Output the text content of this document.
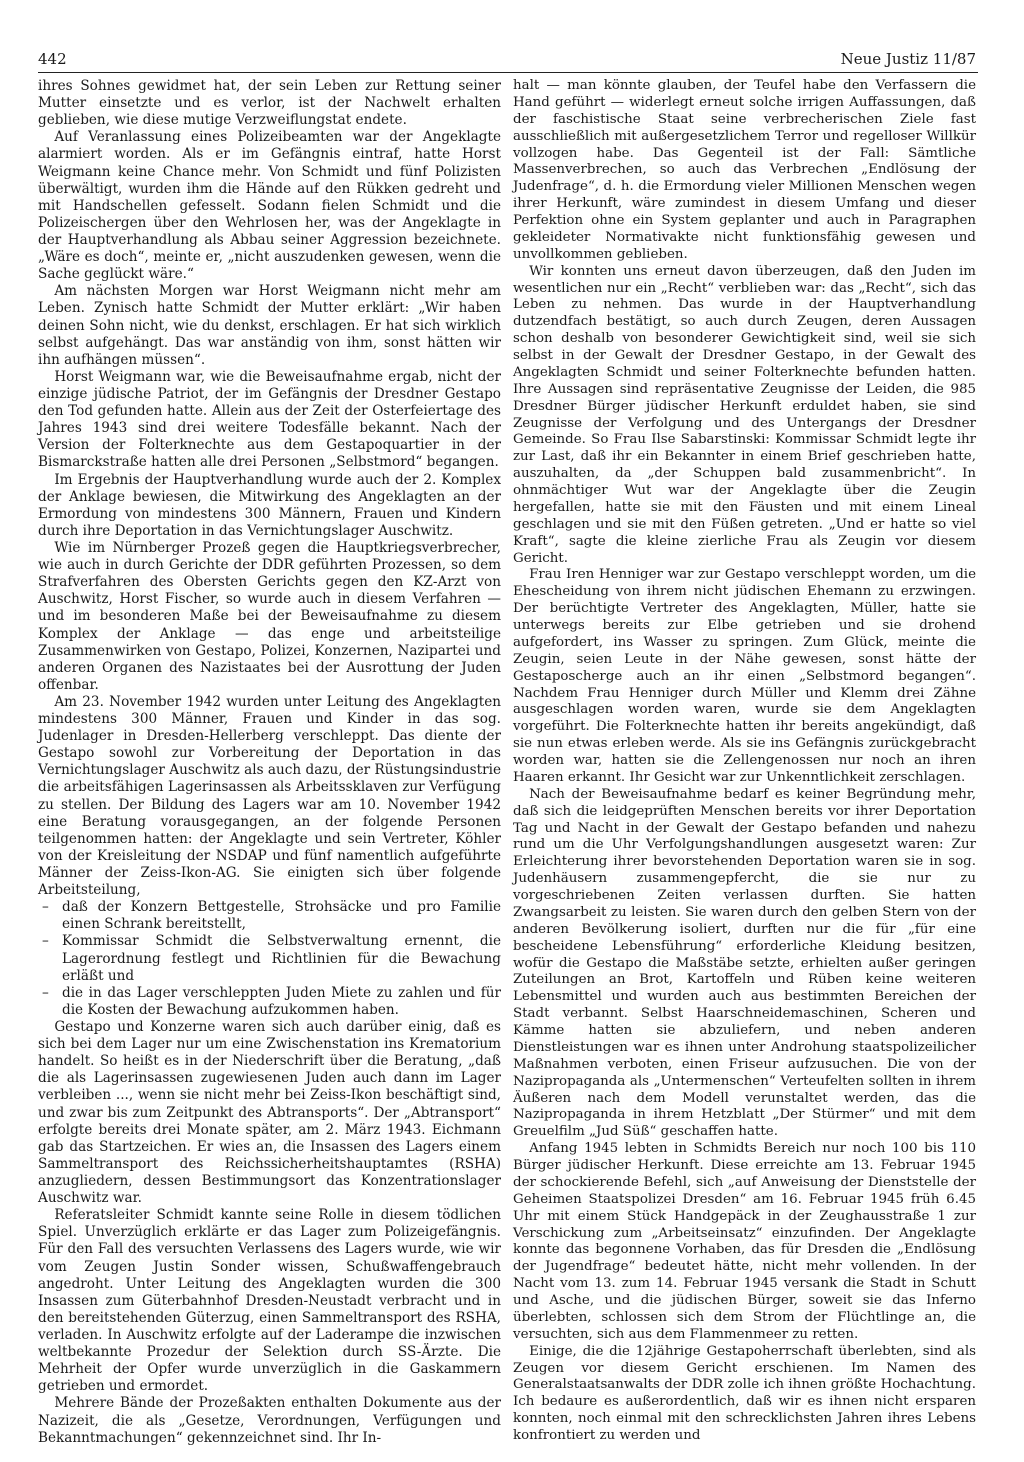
442	Neue Justiz 11/87

ihres Sohnes gewidmet hat, der sein Leben zur Rettung seiner Mutter einsetzte und es verlor, ist der Nachwelt erhalten geblieben, wie diese mutige Verzweiflungstat endete.

Auf Veranlassung eines Polizeibeamten war der Angeklagte alarmiert worden. Als er im Gefängnis eintraf, hatte Horst Weigmann keine Chance mehr. Von Schmidt und fünf Polizisten überwältigt, wurden ihm die Hände auf den Rükken gedreht und mit Handschellen gefesselt. Sodann fielen Schmidt und die Polizeischergen über den Wehrlosen her, was der Angeklagte in der Hauptverhandlung als Abbau seiner Aggression bezeichnete. „Wäre es doch“, meinte er, „nicht auszudenken gewesen, wenn die Sache geglückt wäre.“

Am nächsten Morgen war Horst Weigmann nicht mehr am Leben. Zynisch hatte Schmidt der Mutter erklärt: „Wir haben deinen Sohn nicht, wie du denkst, erschlagen. Er hat sich wirklich selbst aufgehängt. Das war anständig von ihm, sonst hätten wir ihn aufhängen müssen“.

Horst Weigmann war, wie die Beweisaufnahme ergab, nicht der einzige jüdische Patriot, der im Gefängnis der Dresdner Gestapo den Tod gefunden hatte. Allein aus der Zeit der Osterfeiertage des Jahres 1943 sind drei weitere Todesfälle bekannt. Nach der Version der Folterknechte aus dem Gestapoquartier in der Bismarckstraße hatten alle drei Personen „Selbstmord“ begangen.

Im Ergebnis der Hauptverhandlung wurde auch der 2. Komplex der Anklage bewiesen, die Mitwirkung des Angeklagten an der Ermordung von mindestens 300 Männern, Frauen und Kindern durch ihre Deportation in das Vernichtungslager Auschwitz.

Wie im Nürnberger Prozeß gegen die Hauptkriegsverbrecher, wie auch in durch Gerichte der DDR geführten Prozessen, so dem Strafverfahren des Obersten Gerichts gegen den KZ-Arzt von Auschwitz, Horst Fischer, so wurde auch in diesem Verfahren — und im besonderen Maße bei der Beweisaufnahme zu diesem Komplex der Anklage — das enge und arbeitsteilige Zusammenwirken von Gestapo, Polizei, Konzernen, Nazipartei und anderen Organen des Nazistaates bei der Ausrottung der Juden offenbar.

Am 23. November 1942 wurden unter Leitung des Angeklagten mindestens 300 Männer, Frauen und Kinder in das sog. Judenlager in Dresden-Hellerberg verschleppt. Das diente der Gestapo sowohl zur Vorbereitung der Deportation in das Vernichtungslager Auschwitz als auch dazu, der Rüstungsindustrie die arbeitsfähigen Lagerinsassen als Arbeitssklaven zur Verfügung zu stellen. Der Bildung des Lagers war am 10. November 1942 eine Beratung vorausgegangen, an der folgende Personen teilgenommen hatten: der Angeklagte und sein Vertreter, Köhler von der Kreisleitung der NSDAP und fünf namentlich aufgeführte Männer der Zeiss-Ikon-AG. Sie einigten sich über folgende Arbeitsteilung,

– daß der Konzern Bettgestelle, Strohsäcke und pro Familie einen Schrank bereitstellt,
– Kommissar Schmidt die Selbstverwaltung ernennt, die Lagerordnung festlegt und Richtlinien für die Bewachung erläßt und
– die in das Lager verschleppten Juden Miete zu zahlen und für die Kosten der Bewachung aufzukommen haben.

Gestapo und Konzerne waren sich auch darüber einig, daß es sich bei dem Lager nur um eine Zwischenstation ins Krematorium handelt. So heißt es in der Niederschrift über die Beratung, „daß die als Lagerinsassen zugewiesenen Juden auch dann im Lager verbleiben ..., wenn sie nicht mehr bei Zeiss-Ikon beschäftigt sind, und zwar bis zum Zeitpunkt des Abtransports“. Der „Abtransport“ erfolgte bereits drei Monate später, am 2. März 1943. Eichmann gab das Startzeichen. Er wies an, die Insassen des Lagers einem Sammeltransport des Reichssicherheitshauptamtes (RSHA) anzugliedern, dessen Bestimmungsort das Konzentrationslager Auschwitz war.

Referatsleiter Schmidt kannte seine Rolle in diesem tödlichen Spiel. Unverzüglich erklärte er das Lager zum Polizeigefängnis. Für den Fall des versuchten Verlassens des Lagers wurde, wie wir vom Zeugen Justin Sonder wissen, Schußwaffengebrauch angedroht. Unter Leitung des Angeklagten wurden die 300 Insassen zum Güterbahnhof Dresden-Neustadt verbracht und in den bereitstehenden Güterzug, einen Sammeltransport des RSHA, verladen. In Auschwitz erfolgte auf der Laderampe die inzwischen weltbekannte Prozedur der Selektion durch SS-Ärzte. Die Mehrheit der Opfer wurde unverzüglich in die Gaskammern getrieben und ermordet.

Mehrere Bände der Prozeßakten enthalten Dokumente aus der Nazizeit, die als „Gesetze, Verordnungen, Verfügungen und Bekanntmachungen“ gekennzeichnet sind. Ihr In-

halt — man könnte glauben, der Teufel habe den Verfassern die Hand geführt — widerlegt erneut solche irrigen Auffassungen, daß der faschistische Staat seine verbrecherischen Ziele fast ausschließlich mit außergesetzlichem Terror und regelloser Willkür vollzogen habe. Das Gegenteil ist der Fall: Sämtliche Massenverbrechen, so auch das Verbrechen „Endlösung der Judenfrage“, d. h. die Ermordung vieler Millionen Menschen wegen ihrer Herkunft, wäre zumindest in diesem Umfang und dieser Perfektion ohne ein System geplanter und auch in Paragraphen gekleideter Normativakte nicht funktionsfähig gewesen und unvollkommen geblieben.

Wir konnten uns erneut davon überzeugen, daß den Juden im wesentlichen nur ein „Recht“ verblieben war: das „Recht“, sich das Leben zu nehmen. Das wurde in der Hauptverhandlung dutzendfach bestätigt, so auch durch Zeugen, deren Aussagen schon deshalb von besonderer Gewichtigkeit sind, weil sie sich selbst in der Gewalt der Dresdner Gestapo, in der Gewalt des Angeklagten Schmidt und seiner Folterknechte befunden hatten. Ihre Aussagen sind repräsentative Zeugnisse der Leiden, die 985 Dresdner Bürger jüdischer Herkunft erduldet haben, sie sind Zeugnisse der Verfolgung und des Untergangs der Dresdner Gemeinde. So Frau Ilse Sabarstinski: Kommissar Schmidt legte ihr zur Last, daß ihr ein Bekannter in einem Brief geschrieben hatte, auszuhalten, da „der Schuppen bald zusammenbricht“. In ohnmächtiger Wut war der Angeklagte über die Zeugin hergefallen, hatte sie mit den Fäusten und mit einem Lineal geschlagen und sie mit den Füßen getreten. „Und er hatte so viel Kraft“, sagte die kleine zierliche Frau als Zeugin vor diesem Gericht.

Frau Iren Henniger war zur Gestapo verschleppt worden, um die Ehescheidung von ihrem nicht jüdischen Ehemann zu erzwingen. Der berüchtigte Vertreter des Angeklagten, Müller, hatte sie unterwegs bereits zur Elbe getrieben und sie drohend aufgefordert, ins Wasser zu springen. Zum Glück, meinte die Zeugin, seien Leute in der Nähe gewesen, sonst hätte der Gestaposcherge auch an ihr einen „Selbstmord begangen“. Nachdem Frau Henniger durch Müller und Klemm drei Zähne ausgeschlagen worden waren, wurde sie dem Angeklagten vorgeführt. Die Folterknechte hatten ihr bereits angekündigt, daß sie nun etwas erleben werde. Als sie ins Gefängnis zurückgebracht worden war, hatten sie die Zellengenossen nur noch an ihren Haaren erkannt. Ihr Gesicht war zur Unkenntlichkeit zerschlagen.

Nach der Beweisaufnahme bedarf es keiner Begründung mehr, daß sich die leidgeprüften Menschen bereits vor ihrer Deportation Tag und Nacht in der Gewalt der Gestapo befanden und nahezu rund um die Uhr Verfolgungshandlungen ausgesetzt waren: Zur Erleichterung ihrer bevorstehenden Deportation waren sie in sog. Judenhäusern zusammengepfercht, die sie nur zu vorgeschriebenen Zeiten verlassen durften. Sie hatten Zwangsarbeit zu leisten. Sie waren durch den gelben Stern von der anderen Bevölkerung isoliert, durften nur die für „für eine bescheidene Lebensführung“ erforderliche Kleidung besitzen, wofür die Gestapo die Maßstäbe setzte, erhielten außer geringen Zuteilungen an Brot, Kartoffeln und Rüben keine weiteren Lebensmittel und wurden auch aus bestimmten Bereichen der Stadt verbannt. Selbst Haarschneidemaschinen, Scheren und Kämme hatten sie abzuliefern, und neben anderen Dienstleistungen war es ihnen unter Androhung staatspolizeilicher Maßnahmen verboten, einen Friseur aufzusuchen. Die von der Nazipropaganda als „Untermenschen“ Verteufelten sollten in ihrem Äußeren nach dem Modell verunstaltet werden, das die Nazipropaganda in ihrem Hetzblatt „Der Stürmer“ und mit dem Greuelfilm „Jud Süß“ geschaffen hatte.

Anfang 1945 lebten in Schmidts Bereich nur noch 100 bis 110 Bürger jüdischer Herkunft. Diese erreichte am 13. Februar 1945 der schockierende Befehl, sich „auf Anweisung der Dienststelle der Geheimen Staatspolizei Dresden“ am 16. Februar 1945 früh 6.45 Uhr mit einem Stück Handgepäck in der Zeughausstraße 1 zur Verschickung zum „Arbeitseinsatz“ einzufinden. Der Angeklagte konnte das begonnene Vorhaben, das für Dresden die „Endlösung der Jugendfrage“ bedeutet hätte, nicht mehr vollenden. In der Nacht vom 13. zum 14. Februar 1945 versank die Stadt in Schutt und Asche, und die jüdischen Bürger, soweit sie das Inferno überlebten, schlossen sich dem Strom der Flüchtlinge an, die versuchten, sich aus dem Flammenmeer zu retten.

Einige, die die 12jährige Gestapoherrschaft überlebten, sind als Zeugen vor diesem Gericht erschienen. Im Namen des Generalstaatsanwalts der DDR zolle ich ihnen größte Hochachtung. Ich bedaure es außerordentlich, daß wir es ihnen nicht ersparen konnten, noch einmal mit den schrecklichsten Jahren ihres Lebens konfrontiert zu werden und
